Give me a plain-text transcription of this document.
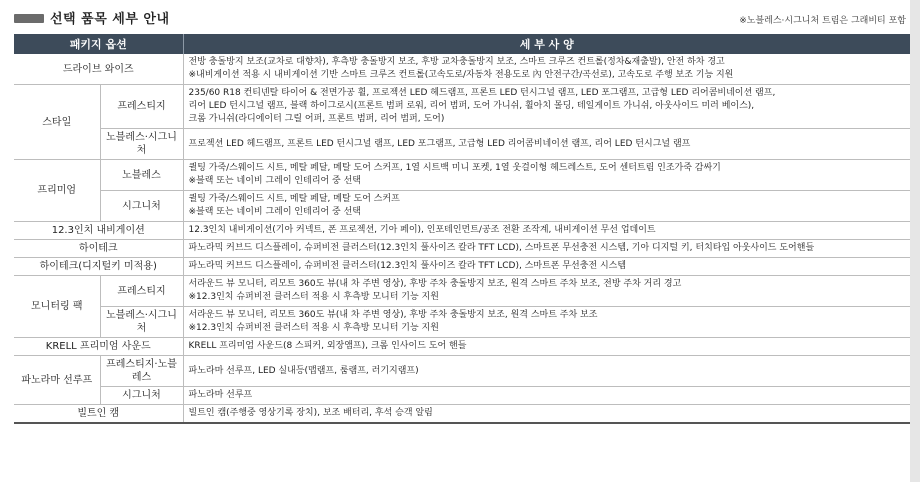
선택 품목 세부 안내	※노블레스·시그니처 트림은 그래비티 포함
패키지 옵션		세 부 사 양
드라이브 와이즈		전방 충돌방지 보조(교차로 대향차), 후측방 충돌방지 보조, 후방 교차충돌방지 보조, 스마트 크루즈 컨트롤(정차&재출발), 안전 하차 경고
※내비게이션 적용 시 내비게이션 기반 스마트 크루즈 컨트롤(고속도로/자동차 전용도로 內 안전구간/곡선로), 고속도로 주행 보조 기능 지원

스타일	프레스티지	235/60 R18 컨티넨탈 타이어 & 전면가공 휠, 프로젝션 LED 헤드램프, 프론트 LED 턴시그널 램프, LED 포그램프, 고급형 LED 리어콤비네이션 램프,
리어 LED 턴시그널 램프, 블랙 하이그로시(프론트 범퍼 로워, 리어 범퍼, 도어 가니쉬, 휠아치 몰딩, 테일게이트 가니쉬, 아웃사이드 미러 베이스),
크롬 가니쉬(라디에이터 그릴 어퍼, 프론트 범퍼, 리어 범퍼, 도어)

	노블레스·시그니처	프로젝션 LED 헤드램프, 프론트 LED 턴시그널 램프, LED 포그램프, 고급형 LED 리어콤비네이션 램프, 리어 LED 턴시그널 램프

프리미엄	노블레스	퀼팅 가죽/스웨이드 시트, 메탈 페달, 메탈 도어 스커프, 1열 시트백 미니 포켓, 1열 웃걸이형 헤드레스트, 도어 센터트림 인조가죽 감싸기
※블랙 또는 네이비 그레이 인테리어 중 선택

	시그니처	퀼팅 가죽/스웨이드 시트, 메탈 페달, 메탈 도어 스커프
※블랙 또는 네이비 그레이 인테리어 중 선택

12.3인치 내비게이션		12.3인치 내비게이션(기아 커넥트, 폰 프로젝션, 기아 페이), 인포테인먼트/공조 전환 조작계, 내비게이션 무선 업데이트

하이테크		파노라믹 커브드 디스플레이, 슈퍼비전 클러스터(12.3인치 풀사이즈 칼라 TFT LCD), 스마트폰 무선충전 시스템, 기아 디지털 키, 터치타입 아웃사이드 도어핸들

하이테크(디지털키 미적용)		파노라믹 커브드 디스플레이, 슈퍼비전 클러스터(12.3인치 풀사이즈 칼라 TFT LCD), 스마트폰 무선충전 시스템

모니터링 팩	프레스티지	서라운드 뷰 모니터, 리모트 360도 뷰(내 차 주변 영상), 후방 주차 충돌방지 보조, 원격 스마트 주차 보조, 전방 주차 거리 경고
※12.3인치 슈퍼비전 클러스터 적용 시 후측방 모니터 기능 지원

	노블레스·시그니처	서라운드 뷰 모니터, 리모트 360도 뷰(내 차 주변 영상), 후방 주차 충돌방지 보조, 원격 스마트 주차 보조
※12.3인치 슈퍼비전 클러스터 적용 시 후측방 모니터 기능 지원

KRELL 프리미엄 사운드		KRELL 프리미엄 사운드(8 스피커, 외장앰프), 크롬 인사이드 도어 핸들

파노라마 선루프	프레스티지·노블레스	파노라마 선루프, LED 실내등(맵램프, 룸램프, 러기지램프)

	시그니처	파노라마 선루프

빌트인 캠		빌트인 캠(주행중 영상기록 장치), 보조 배터리, 후석 승객 알림
